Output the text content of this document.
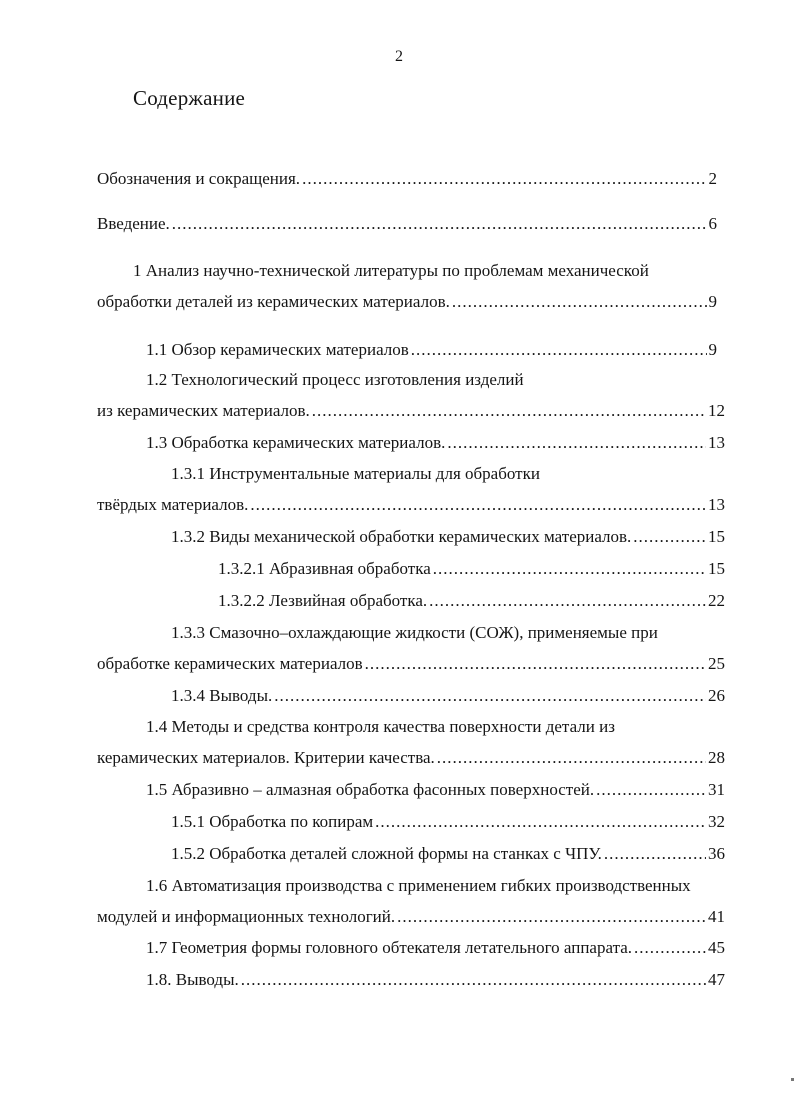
2
Содержание
Обозначения и сокращения. .....	2
Введение. .....	6
1 Анализ научно-технической литературы по проблемам механической
обработки деталей из керамических материалов. .....	9
1.1 Обзор керамических материалов .....	9
1.2 Технологический процесс изготовления изделий
из керамических материалов. .....	12
1.3 Обработка керамических материалов. .....	13
1.3.1 Инструментальные материалы для обработки
твёрдых материалов. .....	13
1.3.2 Виды механической обработки керамических материалов. .....	15
1.3.2.1 Абразивная обработка .....	15
1.3.2.2 Лезвийная обработка. .....	22
1.3.3 Смазочно–охлаждающие жидкости (СОЖ), применяемые при
обработке керамических материалов .....	25
1.3.4 Выводы. .....	26
1.4 Методы и средства контроля качества поверхности детали из
керамических материалов. Критерии качества. .....	28
1.5 Абразивно – алмазная обработка фасонных поверхностей. .....	31
1.5.1 Обработка по копирам .....	32
1.5.2 Обработка деталей сложной формы на станках с ЧПУ. .....	36
1.6 Автоматизация производства с применением гибких производственных
модулей и информационных технологий. .....	41
1.7 Геометрия формы головного обтекателя летательного аппарата. .....	45
1.8. Выводы. .....	47
